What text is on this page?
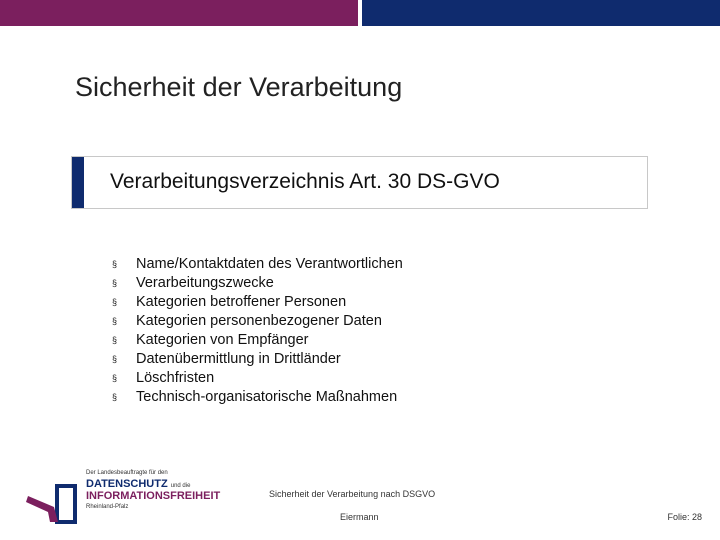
Sicherheit der Verarbeitung
Verarbeitungsverzeichnis Art. 30 DS-GVO
§	Name/Kontaktdaten des Verantwortlichen
§	Verarbeitungszwecke
§	Kategorien betroffener Personen
§	Kategorien personenbezogener Daten
§	Kategorien von Empfänger
§	Datenübermittlung in Drittländer
§	Löschfristen
§	Technisch-organisatorische Maßnahmen
Der Landesbeauftragte für den
DATENSCHUTZ und die
INFORMATIONSFREIHEIT
Rheinland-Pfalz
Sicherheit der Verarbeitung nach DSGVO
Eiermann	Folie: 28
